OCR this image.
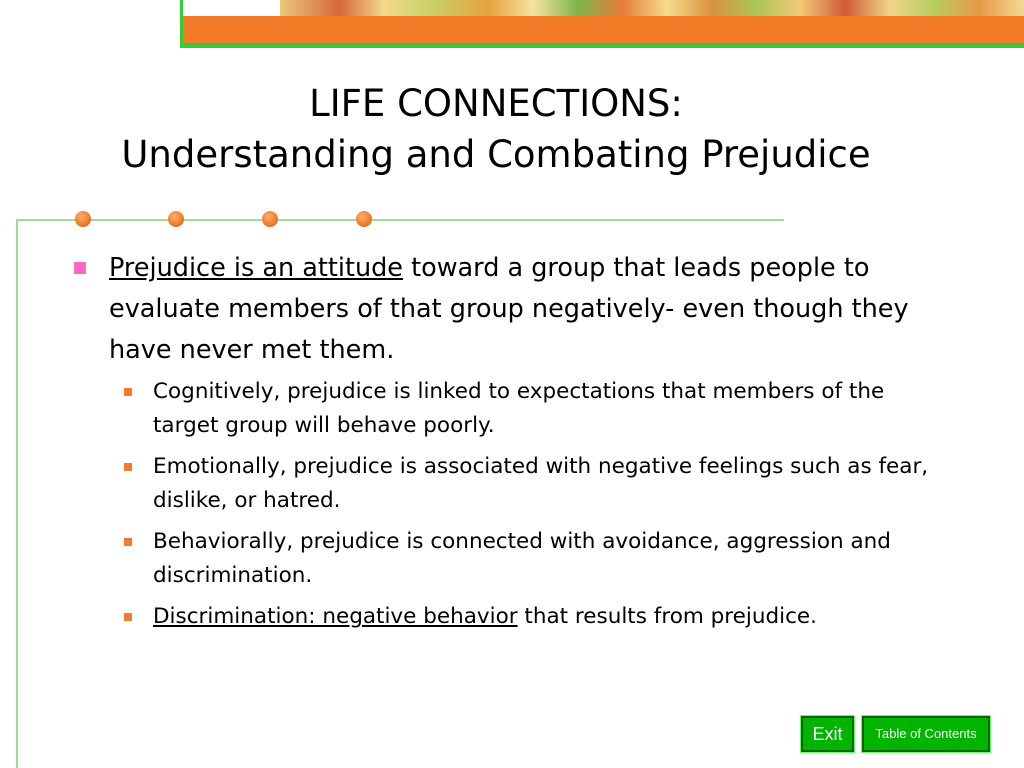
LIFE CONNECTIONS:
Understanding and Combating Prejudice
Prejudice is an attitude toward a group that leads people to evaluate members of that group negatively- even though they have never met them.
Cognitively, prejudice is linked to expectations that members of the target group will behave poorly.
Emotionally, prejudice is associated with negative feelings such as fear, dislike, or hatred.
Behaviorally, prejudice is connected with avoidance, aggression and discrimination.
Discrimination: negative behavior that results from prejudice.
Exit	Table of Contents
